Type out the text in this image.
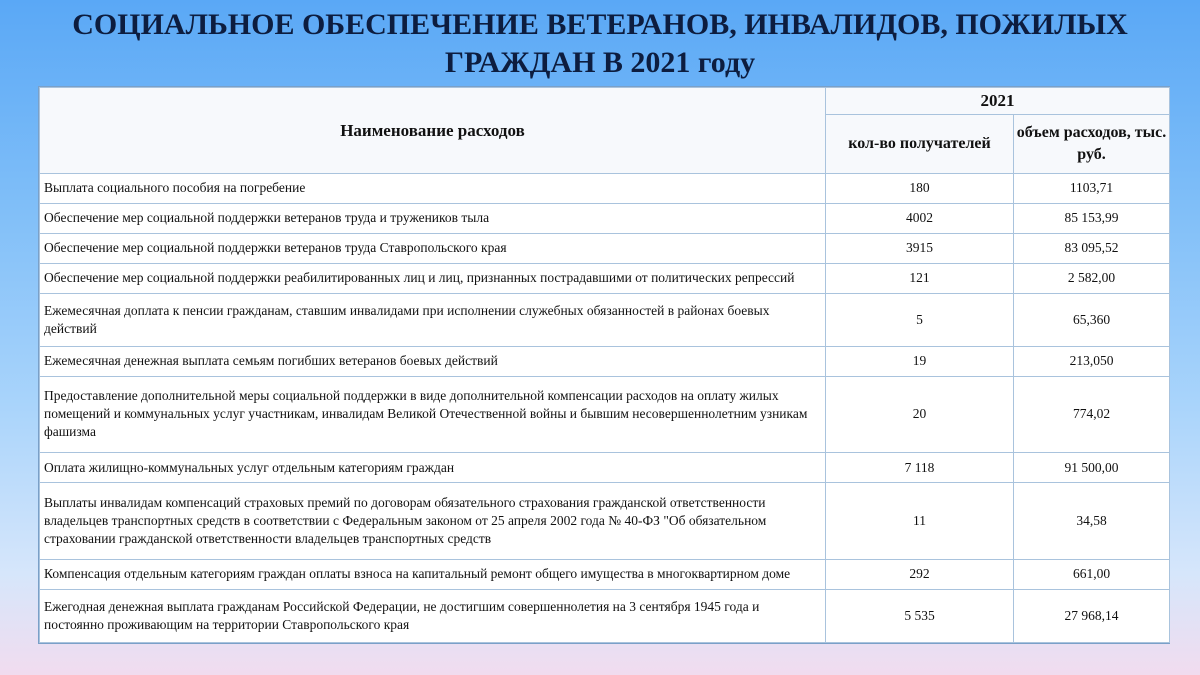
СОЦИАЛЬНОЕ ОБЕСПЕЧЕНИЕ ВЕТЕРАНОВ, ИНВАЛИДОВ, ПОЖИЛЫХ
ГРАЖДАН В 2021 году
Наименование расходов	2021	
	кол-во получателей	объем расходов, тыс. руб.
Выплата социального пособия на погребение	180	1103,71
Обеспечение мер социальной поддержки ветеранов труда и тружеников тыла	4002	85 153,99
Обеспечение мер социальной поддержки ветеранов труда Ставропольского края	3915	83 095,52
Обеспечение мер социальной поддержки реабилитированных лиц и лиц, признанных пострадавшими от политических репрессий	121	2 582,00
Ежемесячная доплата к пенсии гражданам, ставшим инвалидами при исполнении служебных обязанностей в районах боевых действий	5	65,360
Ежемесячная денежная выплата семьям погибших ветеранов боевых действий	19	213,050
Предоставление дополнительной меры социальной поддержки в виде дополнительной компенсации расходов на оплату жилых помещений и коммунальных услуг участникам, инвалидам Великой Отечественной войны и бывшим несовершеннолетним узникам фашизма	20	774,02
Оплата жилищно-коммунальных услуг отдельным категориям граждан	7 118	91 500,00
Выплаты инвалидам компенсаций страховых премий по договорам обязательного страхования гражданской ответственности владельцев транспортных средств в соответствии с Федеральным законом от 25 апреля 2002 года № 40-ФЗ "Об обязательном страховании гражданской ответственности владельцев транспортных средств	11	34,58
Компенсация отдельным категориям граждан оплаты взноса на капитальный ремонт общего имущества в многоквартирном доме	292	661,00
Ежегодная денежная выплата гражданам Российской Федерации, не достигшим совершеннолетия на 3 сентября 1945 года и постоянно проживающим на территории Ставропольского края	5 535	27 968,14
